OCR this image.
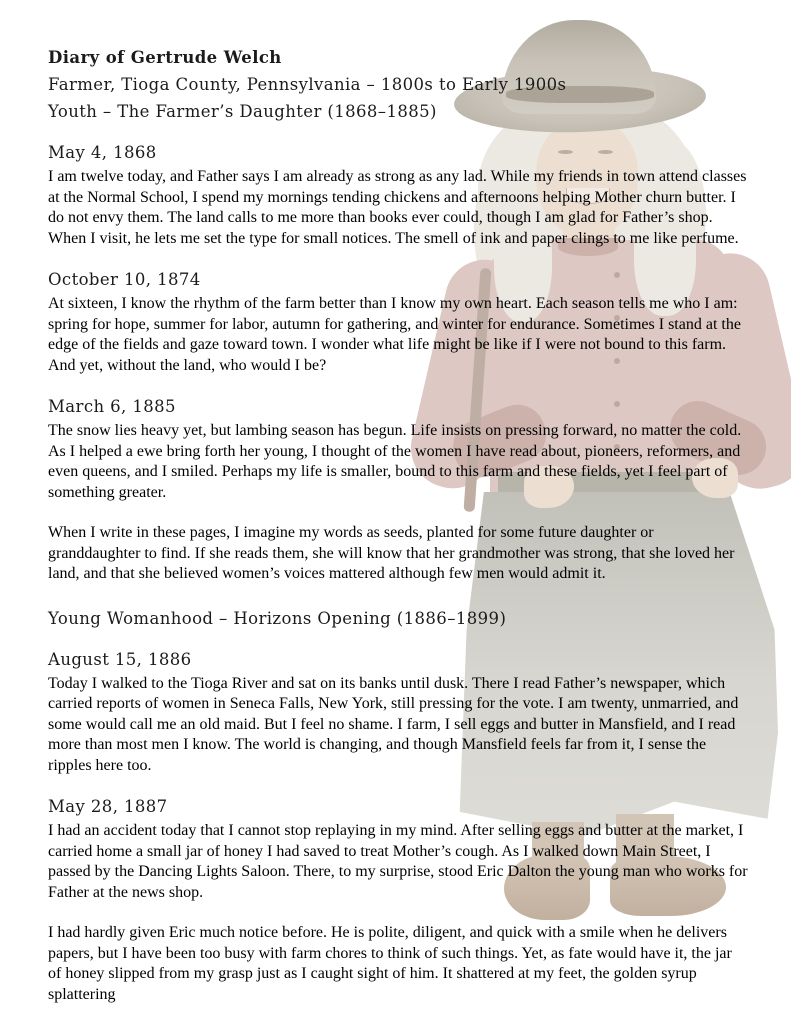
Diary of Gertrude Welch
Farmer, Tioga County, Pennsylvania – 1800s to Early 1900s
Youth – The Farmer’s Daughter (1868–1885)
May 4, 1868

I am twelve today, and Father says I am already as strong as any lad. While my friends in town attend classes at the Normal School, I spend my mornings tending chickens and afternoons helping Mother churn butter. I do not envy them. The land calls to me more than books ever could, though I am glad for Father’s shop. When I visit, he lets me set the type for small notices. The smell of ink and paper clings to me like perfume.

October 10, 1874

At sixteen, I know the rhythm of the farm better than I know my own heart. Each season tells me who I am: spring for hope, summer for labor, autumn for gathering, and winter for endurance. Sometimes I stand at the edge of the fields and gaze toward town. I wonder what life might be like if I were not bound to this farm. And yet, without the land, who would I be?

March 6, 1885

The snow lies heavy yet, but lambing season has begun. Life insists on pressing forward, no matter the cold. As I helped a ewe bring forth her young, I thought of the women I have read about, pioneers, reformers, and even queens, and I smiled. Perhaps my life is smaller, bound to this farm and these fields, yet I feel part of something greater.

When I write in these pages, I imagine my words as seeds, planted for some future daughter or granddaughter to find. If she reads them, she will know that her grandmother was strong, that she loved her land, and that she believed women’s voices mattered although few men would admit it.

Young Womanhood – Horizons Opening (1886–1899)
August 15, 1886

Today I walked to the Tioga River and sat on its banks until dusk. There I read Father’s newspaper, which carried reports of women in Seneca Falls, New York, still pressing for the vote. I am twenty, unmarried, and some would call me an old maid. But I feel no shame. I farm, I sell eggs and butter in Mansfield, and I read more than most men I know. The world is changing, and though Mansfield feels far from it, I sense the ripples here too.

May 28, 1887

I had an accident today that I cannot stop replaying in my mind. After selling eggs and butter at the market, I carried home a small jar of honey I had saved to treat Mother’s cough. As I walked down Main Street, I passed by the Dancing Lights Saloon. There, to my surprise, stood Eric Dalton the young man who works for Father at the news shop.

I had hardly given Eric much notice before. He is polite, diligent, and quick with a smile when he delivers papers, but I have been too busy with farm chores to think of such things. Yet, as fate would have it, the jar of honey slipped from my grasp just as I caught sight of him. It shattered at my feet, the golden syrup splattering
